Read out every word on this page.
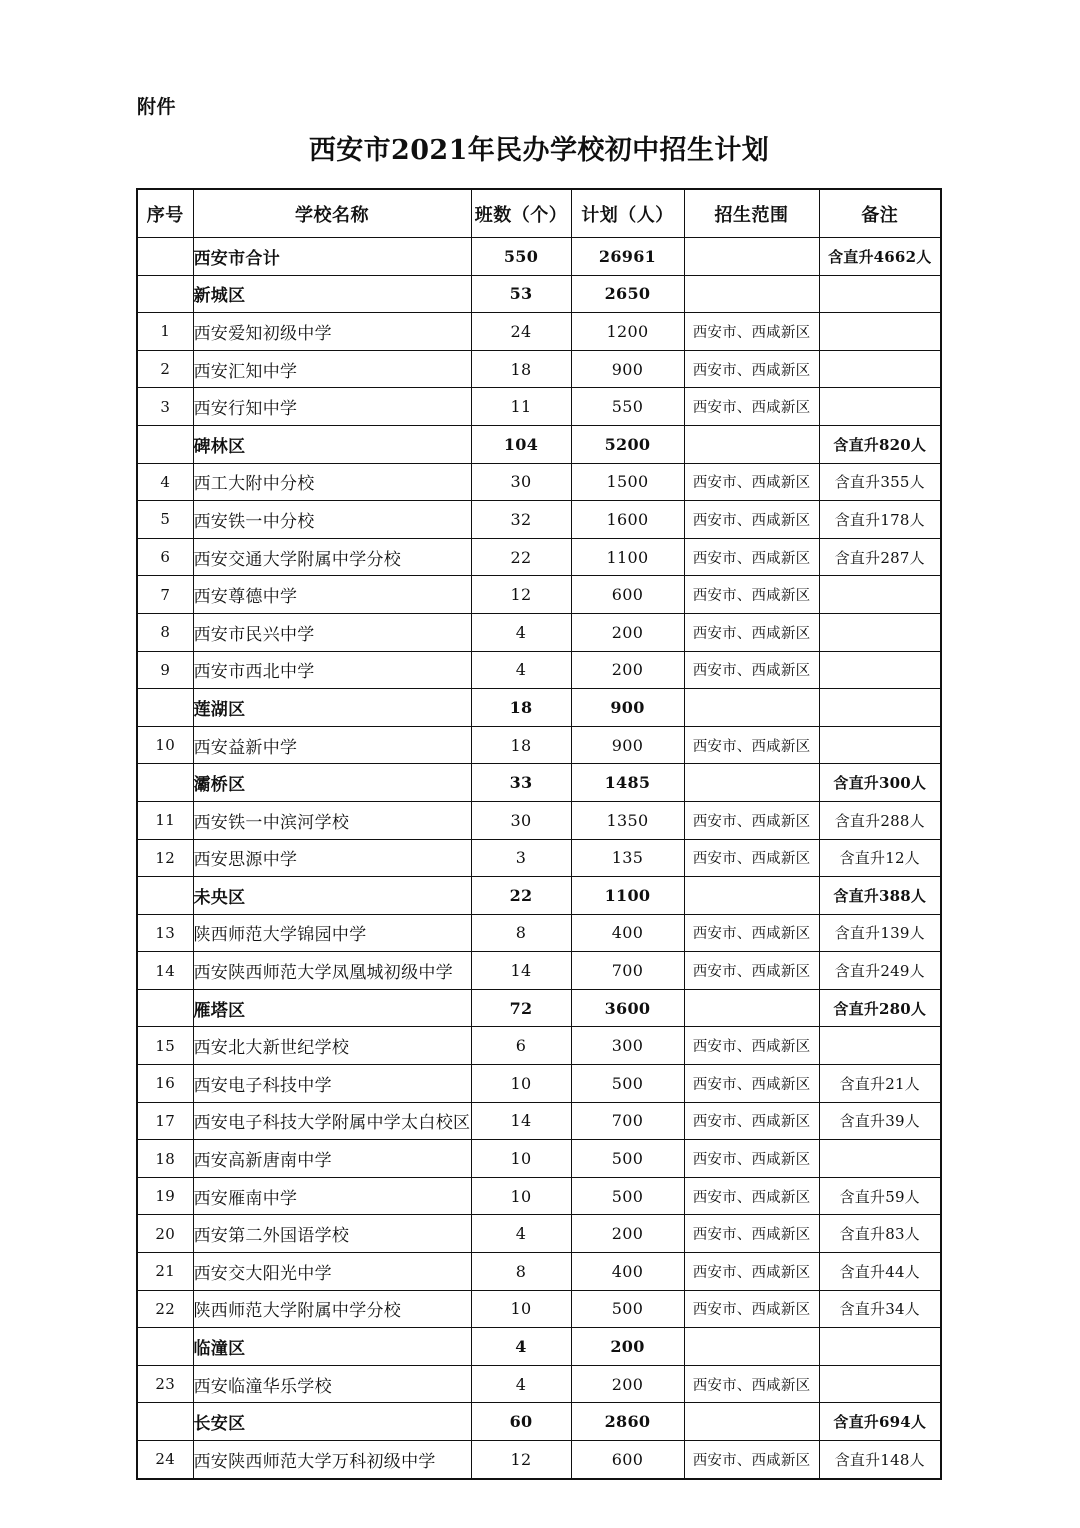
附件
西安市2021年民办学校初中招生计划
序号	学校名称	班数（个）	计划（人）	招生范围	备注
	西安市合计	550	26961		含直升4662人
	新城区	53	2650		
1	西安爱知初级中学	24	1200	西安市、西咸新区	
2	西安汇知中学	18	900	西安市、西咸新区	
3	西安行知中学	11	550	西安市、西咸新区	
	碑林区	104	5200		含直升820人
4	西工大附中分校	30	1500	西安市、西咸新区	含直升355人
5	西安铁一中分校	32	1600	西安市、西咸新区	含直升178人
6	西安交通大学附属中学分校	22	1100	西安市、西咸新区	含直升287人
7	西安尊德中学	12	600	西安市、西咸新区	
8	西安市民兴中学	4	200	西安市、西咸新区	
9	西安市西北中学	4	200	西安市、西咸新区	
	莲湖区	18	900		
10	西安益新中学	18	900	西安市、西咸新区	
	灞桥区	33	1485		含直升300人
11	西安铁一中滨河学校	30	1350	西安市、西咸新区	含直升288人
12	西安思源中学	3	135	西安市、西咸新区	含直升12人
	未央区	22	1100		含直升388人
13	陕西师范大学锦园中学	8	400	西安市、西咸新区	含直升139人
14	西安陕西师范大学凤凰城初级中学	14	700	西安市、西咸新区	含直升249人
	雁塔区	72	3600		含直升280人
15	西安北大新世纪学校	6	300	西安市、西咸新区	
16	西安电子科技中学	10	500	西安市、西咸新区	含直升21人
17	西安电子科技大学附属中学太白校区	14	700	西安市、西咸新区	含直升39人
18	西安高新唐南中学	10	500	西安市、西咸新区	
19	西安雁南中学	10	500	西安市、西咸新区	含直升59人
20	西安第二外国语学校	4	200	西安市、西咸新区	含直升83人
21	西安交大阳光中学	8	400	西安市、西咸新区	含直升44人
22	陕西师范大学附属中学分校	10	500	西安市、西咸新区	含直升34人
	临潼区	4	200		
23	西安临潼华乐学校	4	200	西安市、西咸新区	
	长安区	60	2860		含直升694人
24	西安陕西师范大学万科初级中学	12	600	西安市、西咸新区	含直升148人
